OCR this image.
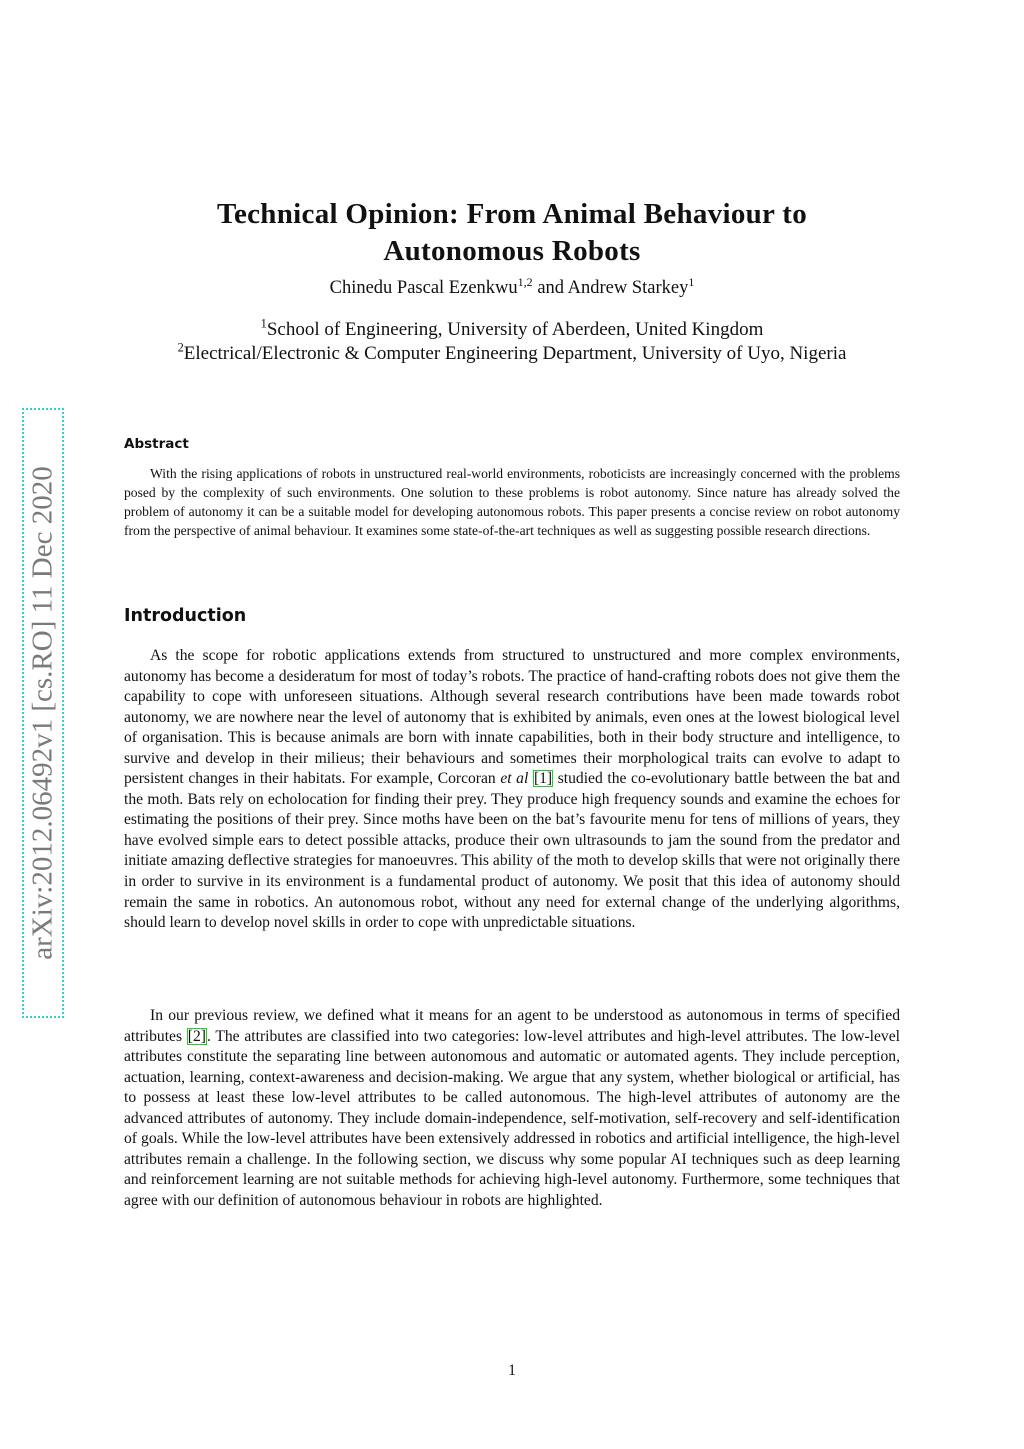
arXiv:2012.06492v1 [cs.RO] 11 Dec 2020
Technical Opinion: From Animal Behaviour to
Autonomous Robots
Chinedu Pascal Ezenkwu$^{1,2}$ and Andrew Starkey$^1$
$^1$School of Engineering, University of Aberdeen, United Kingdom
$^2$Electrical/Electronic & Computer Engineering Department, University of Uyo, Nigeria
Abstract
With the rising applications of robots in unstructured real-world environments, roboticists are increasingly concerned with the problems posed by the complexity of such environments. One solution to these problems is robot autonomy. Since nature has already solved the problem of autonomy it can be a suitable model for developing autonomous robots. This paper presents a concise review on robot autonomy from the perspective of animal behaviour. It examines some state-of-the-art techniques as well as suggesting possible research directions.
Introduction

As the scope for robotic applications extends from structured to unstructured and more complex environments, autonomy has become a desideratum for most of today’s robots. The practice of hand-crafting robots does not give them the capability to cope with unforeseen situations. Although several research contributions have been made towards robot autonomy, we are nowhere near the level of autonomy that is exhibited by animals, even ones at the lowest biological level of organisation. This is because animals are born with innate capabilities, both in their body structure and intelligence, to survive and develop in their milieus; their behaviours and sometimes their morphological traits can evolve to adapt to persistent changes in their habitats. For example, Corcoran et al [1] studied the co-evolutionary battle between the bat and the moth. Bats rely on echolocation for finding their prey. They produce high frequency sounds and examine the echoes for estimating the positions of their prey. Since moths have been on the bat’s favourite menu for tens of millions of years, they have evolved simple ears to detect possible attacks, produce their own ultrasounds to jam the sound from the predator and initiate amazing deflective strategies for manoeuvres. This ability of the moth to develop skills that were not originally there in order to survive in its environment is a fundamental product of autonomy. We posit that this idea of autonomy should remain the same in robotics. An autonomous robot, without any need for external change of the underlying algorithms, should learn to develop novel skills in order to cope with unpredictable situations.

In our previous review, we defined what it means for an agent to be understood as autonomous in terms of specified attributes [2]. The attributes are classified into two categories: low-level attributes and high-level attributes. The low-level attributes constitute the separating line between autonomous and automatic or automated agents. They include perception, actuation, learning, context-awareness and decision-making. We argue that any system, whether biological or artificial, has to possess at least these low-level attributes to be called autonomous. The high-level attributes of autonomy are the advanced attributes of autonomy. They include domain-independence, self-motivation, self-recovery and self-identification of goals. While the low-level attributes have been extensively addressed in robotics and artificial intelligence, the high-level attributes remain a challenge. In the following section, we discuss why some popular AI techniques such as deep learning and reinforcement learning are not suitable methods for achieving high-level autonomy. Furthermore, some techniques that agree with our definition of autonomous behaviour in robots are highlighted.

1
